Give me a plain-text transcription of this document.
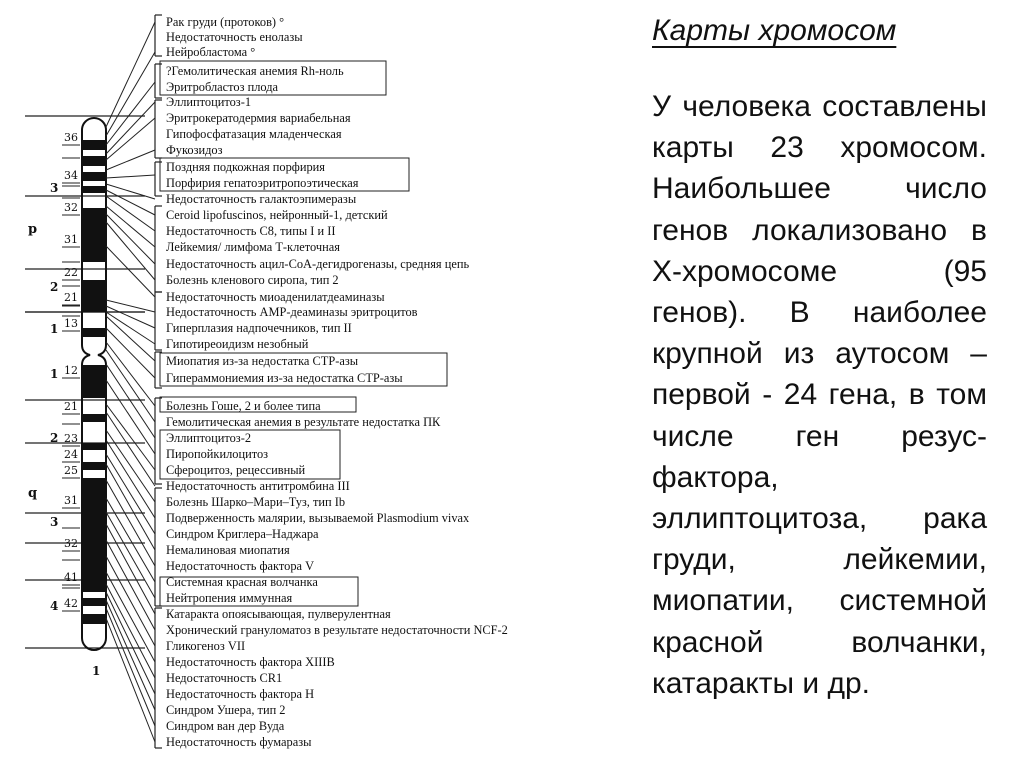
p
q
3
2
1
1
2
3
4
1
36
34
32
31
22
21
13
12
21
23
24
25
31
32
41
42
Рак груди (протоков) °
Недостаточность енолазы
Нейробластома °
?Гемолитическая анемия Rh-ноль
Эритробластоз плода
Эллиптоцитоз-1
Эритрокератодермия вариабельная
Гипофосфатазация младенческая
Фукозидоз
Поздняя подкожная порфирия
Порфирия гепатоэритропоэтическая
Недостаточность галактоэпимеразы
Ceroid lipofuscinos, нейронный-1, детский
Недостаточность C8, типы I и II
Лейкемия/ лимфома Т-клеточная
Недостаточность ацил-CoA-дегидрогеназы, средняя цепь
Болезнь кленового сиропа, тип 2
Недостаточность миоаденилатдеаминазы
Недостаточность AMP-деаминазы эритроцитов
Гиперплазия надпочечников, тип II
Гипотиреоидизм незобный
Миопатия из-за недостатка CTP-азы
Гипераммониемия из-за недостатка CTP-азы
Болезнь Гоше, 2 и более типа
Гемолитическая анемия в результате недостатка ПК
Эллиптоцитоз-2
Пиропойкилоцитоз
Сфероцитоз, рецессивный
Недостаточность антитромбина III
Болезнь Шарко–Мари–Туз, тип Ib
Подверженность малярии, вызываемой Plasmodium vivax
Синдром Криглера–Наджара
Немалиновая миопатия
Недостаточность фактора V
Системная красная волчанка
Нейтропения иммунная
Катаракта опоясывающая, пулверулентная
Хронический грануломатоз в результате недостаточности NCF-2
Гликогеноз VII
Недостаточность фактора XIIIB
Недостаточность CR1
Недостаточность фактора H
Синдром Ушера, тип 2
Синдром ван дер Вуда
Недостаточность фумаразы
Карты хромосом
У человека составлены карты 23 хромосом. Наибольшее число генов локализовано в Х-хромосоме (95 генов). В наиболее крупной из аутосом – первой - 24 гена, в том числе ген резус-фактора, эллиптоцитоза, рака груди, лейкемии, миопатии, системной красной волчанки, катаракты и др.
